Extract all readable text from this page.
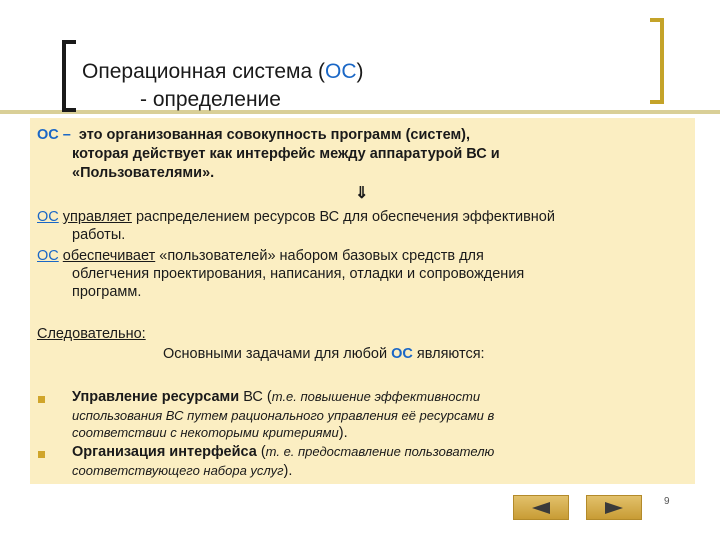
Операционная система (ОС)
- определение
ОС – это организованная совокупность программ (систем),
которая действует как интерфейс между аппаратурой ВС и
«Пользователями».
⇓
ОС управляет распределением ресурсов ВС для обеспечения эффективной
работы.
ОС обеспечивает «пользователей» набором базовых средств для
облегчения проектирования, написания, отладки и сопровождения
программ.
Следовательно:
Основными задачами для любой ОС являются:
Управление ресурсами ВС (т.е. повышение эффективности
использования ВС путем рационального управления её ресурсами в
соответствии с некоторыми критериями).
Организация интерфейса (т. е. предоставление пользователю
соответствующего набора услуг).
9
